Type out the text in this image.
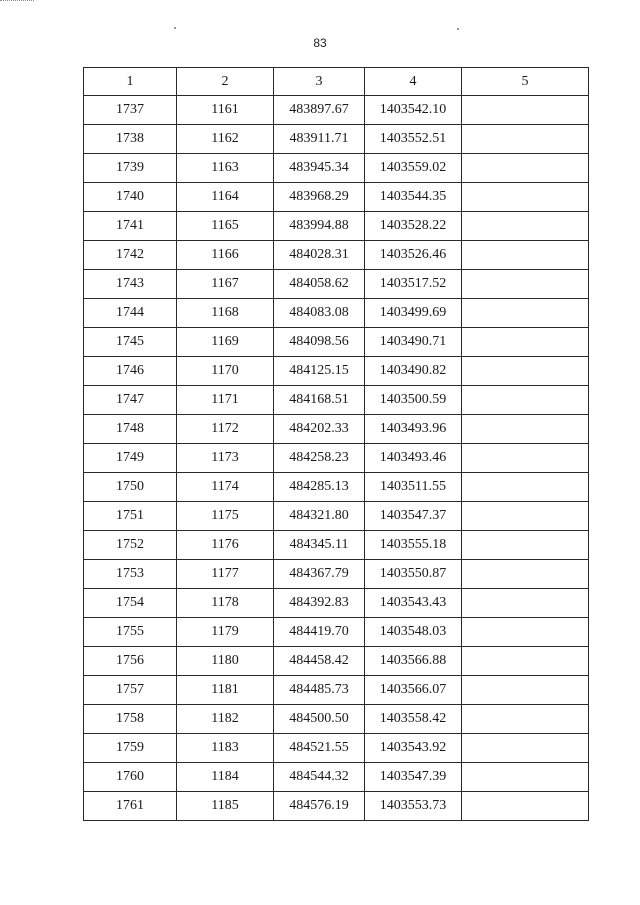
83
1	2	3	4	5
1737	1161	483897.67	1403542.10	
1738	1162	483911.71	1403552.51	
1739	1163	483945.34	1403559.02	
1740	1164	483968.29	1403544.35	
1741	1165	483994.88	1403528.22	
1742	1166	484028.31	1403526.46	
1743	1167	484058.62	1403517.52	
1744	1168	484083.08	1403499.69	
1745	1169	484098.56	1403490.71	
1746	1170	484125.15	1403490.82	
1747	1171	484168.51	1403500.59	
1748	1172	484202.33	1403493.96	
1749	1173	484258.23	1403493.46	
1750	1174	484285.13	1403511.55	
1751	1175	484321.80	1403547.37	
1752	1176	484345.11	1403555.18	
1753	1177	484367.79	1403550.87	
1754	1178	484392.83	1403543.43	
1755	1179	484419.70	1403548.03	
1756	1180	484458.42	1403566.88	
1757	1181	484485.73	1403566.07	
1758	1182	484500.50	1403558.42	
1759	1183	484521.55	1403543.92	
1760	1184	484544.32	1403547.39	
1761	1185	484576.19	1403553.73	
